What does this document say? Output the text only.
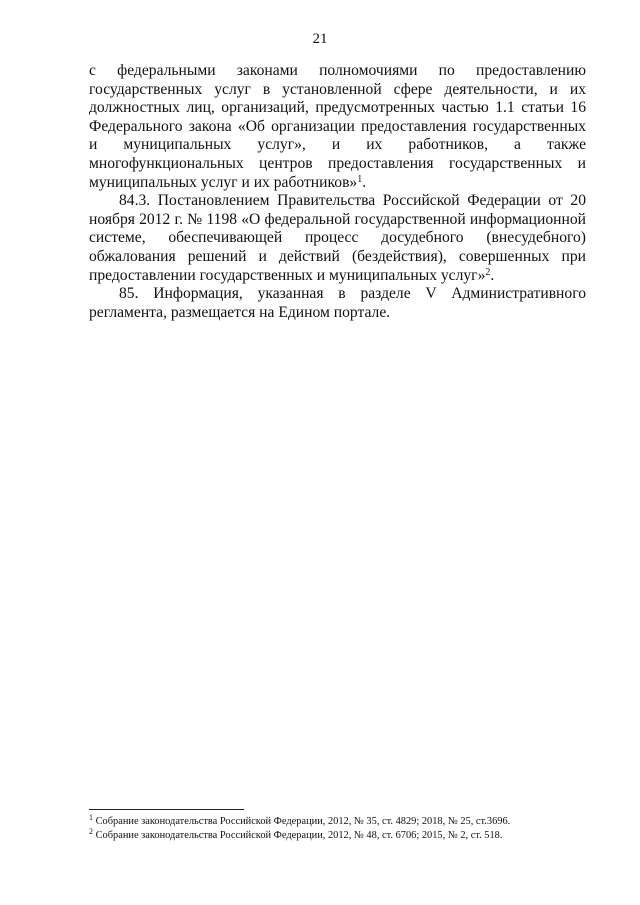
21

с федеральными законами полномочиями по предоставлению государственных услуг в установленной сфере деятельности, и их должностных лиц, организаций, предусмотренных частью 1.1 статьи 16 Федерального закона «Об организации предоставления государственных и муниципальных услуг», и их работников, а также многофункциональных центров предоставления государственных и муниципальных услуг и их работников»$^1$.

84.3. Постановлением Правительства Российской Федерации от 20 ноября 2012 г. № 1198 «О федеральной государственной информационной системе, обеспечивающей процесс досудебного (внесудебного) обжалования решений и действий (бездействия), совершенных при предоставлении государственных и муниципальных услуг»$^2$.

85. Информация, указанная в разделе V Административного регламента, размещается на Едином портале.

$^1$ Собрание законодательства Российской Федерации, 2012, № 35, ст. 4829; 2018, № 25, ст.3696.

$^2$ Собрание законодательства Российской Федерации, 2012, № 48, ст. 6706; 2015, № 2, ст. 518.
